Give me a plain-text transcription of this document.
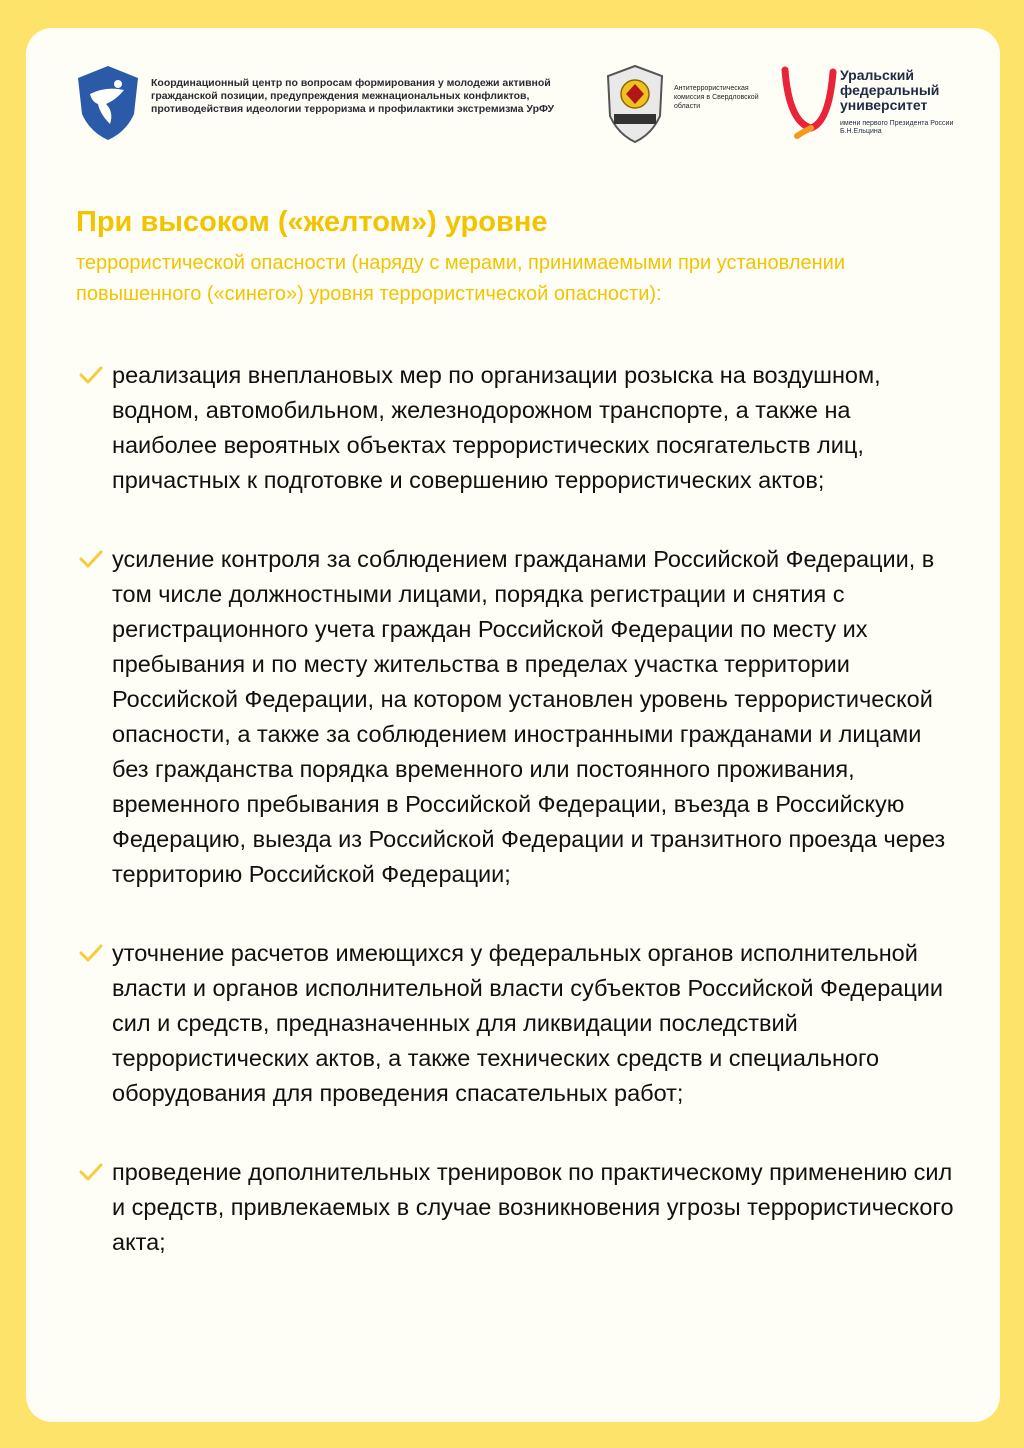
Координационный центр по вопросам формирования у молодежи активной гражданской позиции, предупреждения межнациональных конфликтов, противодействия идеологии терроризма и профилактики экстремизма УрФУ
Антитеррористическая комиссия в Свердловской области
Уральский федеральный университет
имени первого Президента России Б.Н.Ельцина
При высоком («желтом») уровне
террористической опасности (наряду с мерами, принимаемыми при установлении повышенного («синего») уровня террористической опасности):
реализация внеплановых мер по организации розыска на воздушном, водном, автомобильном, железнодорожном транспорте, а также на наиболее вероятных объектах террористических посягательств лиц, причастных к подготовке и совершению террористических актов;
усиление контроля за соблюдением гражданами Российской Федерации, в том числе должностными лицами, порядка регистрации и снятия с регистрационного учета граждан Российской Федерации по месту их пребывания и по месту жительства в пределах участка территории Российской Федерации, на котором установлен уровень террористической опасности, а также за соблюдением иностранными гражданами и лицами без гражданства порядка временного или постоянного проживания, временного пребывания в Российской Федерации, въезда в Российскую Федерацию, выезда из Российской Федерации и транзитного проезда через территорию Российской Федерации;
уточнение расчетов имеющихся у федеральных органов исполнительной власти и органов исполнительной власти субъектов Российской Федерации сил и средств, предназначенных для ликвидации последствий террористических актов, а также технических средств и специального оборудования для проведения спасательных работ;
проведение дополнительных тренировок по практическому применению сил и средств, привлекаемых в случае возникновения угрозы террористического акта;
